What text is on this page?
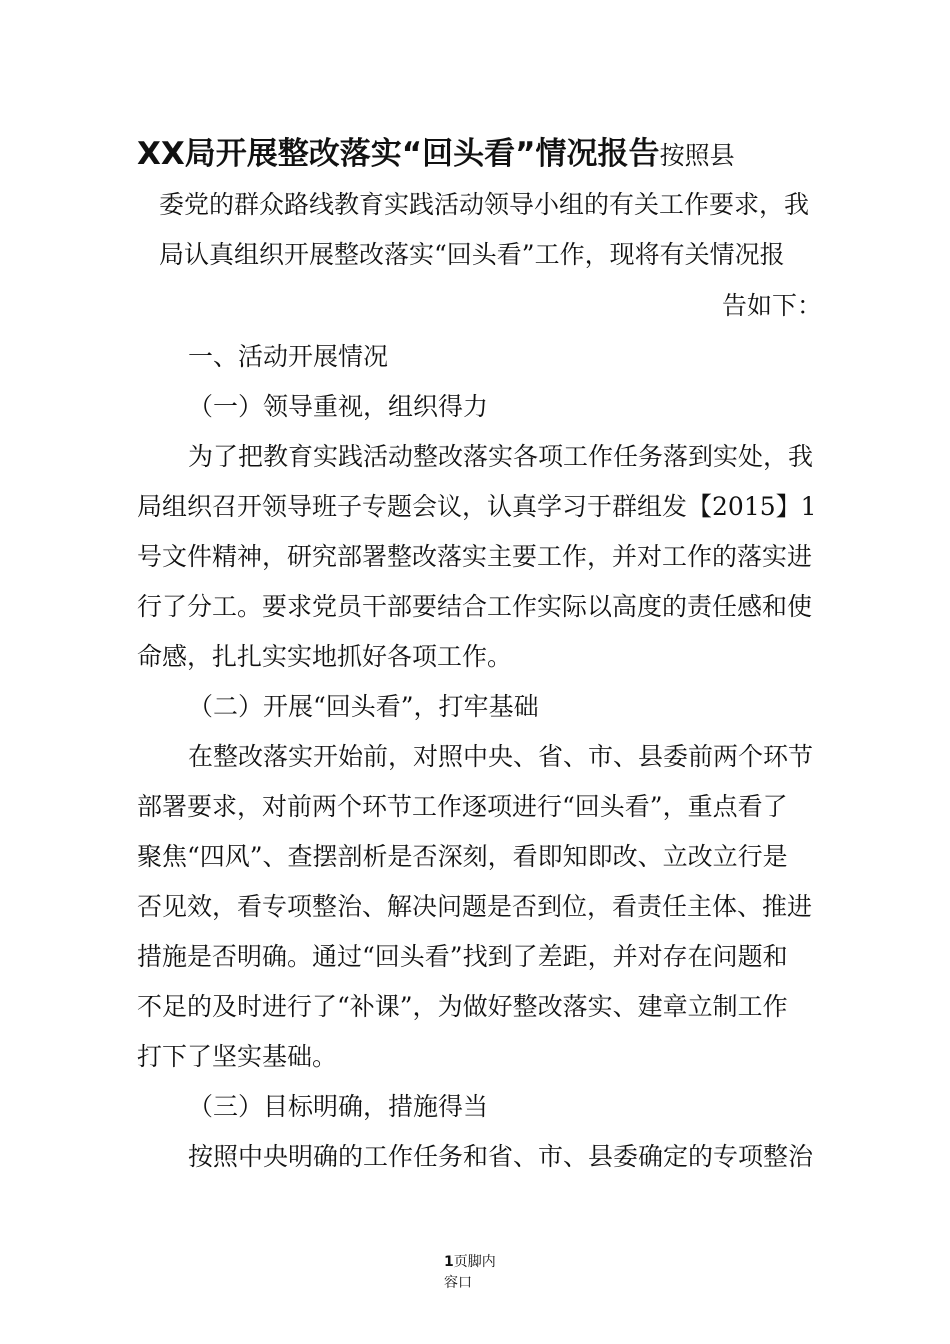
XX局开展整改落实“回头看”情况报告按照县
委党的群众路线教育实践活动领导小组的有关工作要求，我
局认真组织开展整改落实“回头看”工作，现将有关情况报
告如下：
一、活动开展情况
（一）领导重视，组织得力
为了把教育实践活动整改落实各项工作任务落到实处，我
局组织召开领导班子专题会议，认真学习于群组发【2015】1
号文件精神，研究部署整改落实主要工作，并对工作的落实进
行了分工。要求党员干部要结合工作实际以高度的责任感和使
命感，扎扎实实地抓好各项工作。
（二）开展“回头看”，打牢基础
在整改落实开始前，对照中央、省、市、县委前两个环节
部署要求，对前两个环节工作逐项进行“回头看”，重点看了
聚焦“四风”、查摆剖析是否深刻，看即知即改、立改立行是
否见效，看专项整治、解决问题是否到位，看责任主体、推进
措施是否明确。通过“回头看”找到了差距，并对存在问题和
不足的及时进行了“补课”，为做好整改落实、建章立制工作
打下了坚实基础。
（三）目标明确，措施得当
按照中央明确的工作任务和省、市、县委确定的专项整治
1页脚内
容口
